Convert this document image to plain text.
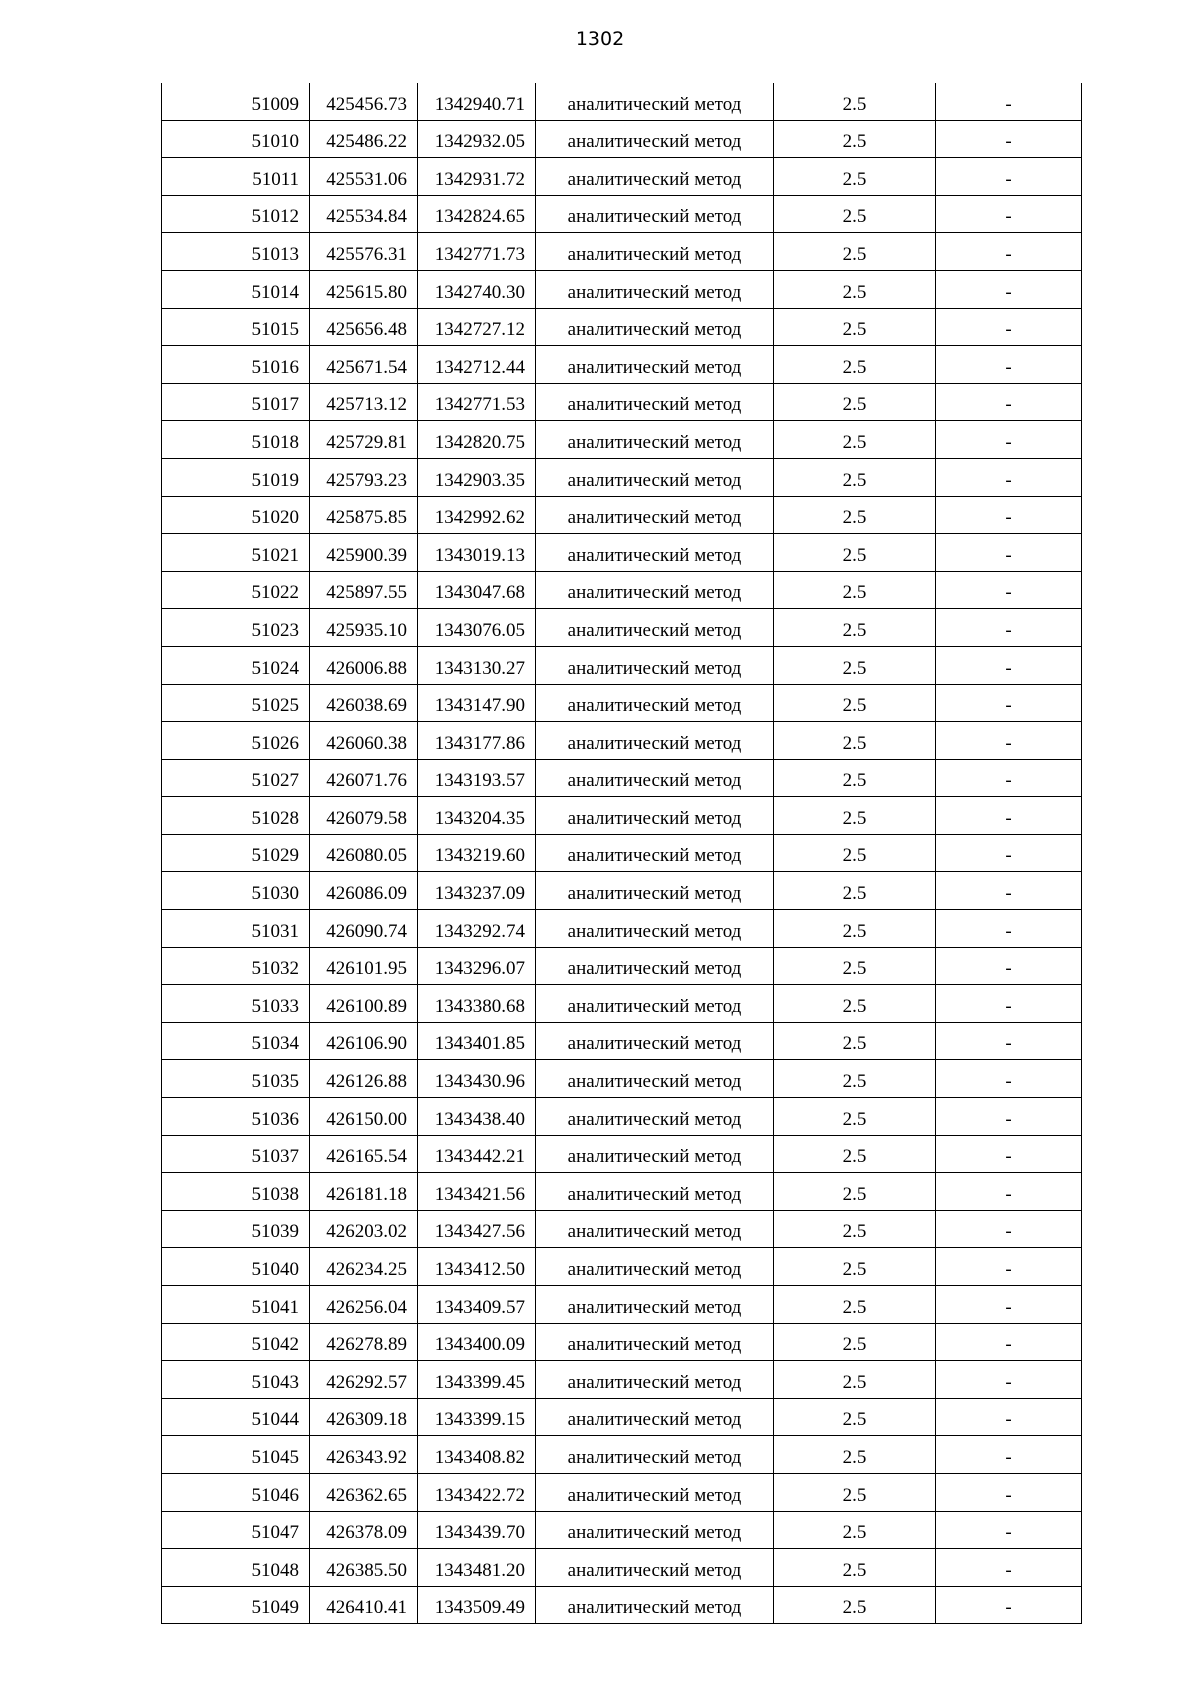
1302
51009	425456.73	1342940.71	аналитический метод	2.5	-
51010	425486.22	1342932.05	аналитический метод	2.5	-
51011	425531.06	1342931.72	аналитический метод	2.5	-
51012	425534.84	1342824.65	аналитический метод	2.5	-
51013	425576.31	1342771.73	аналитический метод	2.5	-
51014	425615.80	1342740.30	аналитический метод	2.5	-
51015	425656.48	1342727.12	аналитический метод	2.5	-
51016	425671.54	1342712.44	аналитический метод	2.5	-
51017	425713.12	1342771.53	аналитический метод	2.5	-
51018	425729.81	1342820.75	аналитический метод	2.5	-
51019	425793.23	1342903.35	аналитический метод	2.5	-
51020	425875.85	1342992.62	аналитический метод	2.5	-
51021	425900.39	1343019.13	аналитический метод	2.5	-
51022	425897.55	1343047.68	аналитический метод	2.5	-
51023	425935.10	1343076.05	аналитический метод	2.5	-
51024	426006.88	1343130.27	аналитический метод	2.5	-
51025	426038.69	1343147.90	аналитический метод	2.5	-
51026	426060.38	1343177.86	аналитический метод	2.5	-
51027	426071.76	1343193.57	аналитический метод	2.5	-
51028	426079.58	1343204.35	аналитический метод	2.5	-
51029	426080.05	1343219.60	аналитический метод	2.5	-
51030	426086.09	1343237.09	аналитический метод	2.5	-
51031	426090.74	1343292.74	аналитический метод	2.5	-
51032	426101.95	1343296.07	аналитический метод	2.5	-
51033	426100.89	1343380.68	аналитический метод	2.5	-
51034	426106.90	1343401.85	аналитический метод	2.5	-
51035	426126.88	1343430.96	аналитический метод	2.5	-
51036	426150.00	1343438.40	аналитический метод	2.5	-
51037	426165.54	1343442.21	аналитический метод	2.5	-
51038	426181.18	1343421.56	аналитический метод	2.5	-
51039	426203.02	1343427.56	аналитический метод	2.5	-
51040	426234.25	1343412.50	аналитический метод	2.5	-
51041	426256.04	1343409.57	аналитический метод	2.5	-
51042	426278.89	1343400.09	аналитический метод	2.5	-
51043	426292.57	1343399.45	аналитический метод	2.5	-
51044	426309.18	1343399.15	аналитический метод	2.5	-
51045	426343.92	1343408.82	аналитический метод	2.5	-
51046	426362.65	1343422.72	аналитический метод	2.5	-
51047	426378.09	1343439.70	аналитический метод	2.5	-
51048	426385.50	1343481.20	аналитический метод	2.5	-
51049	426410.41	1343509.49	аналитический метод	2.5	-
